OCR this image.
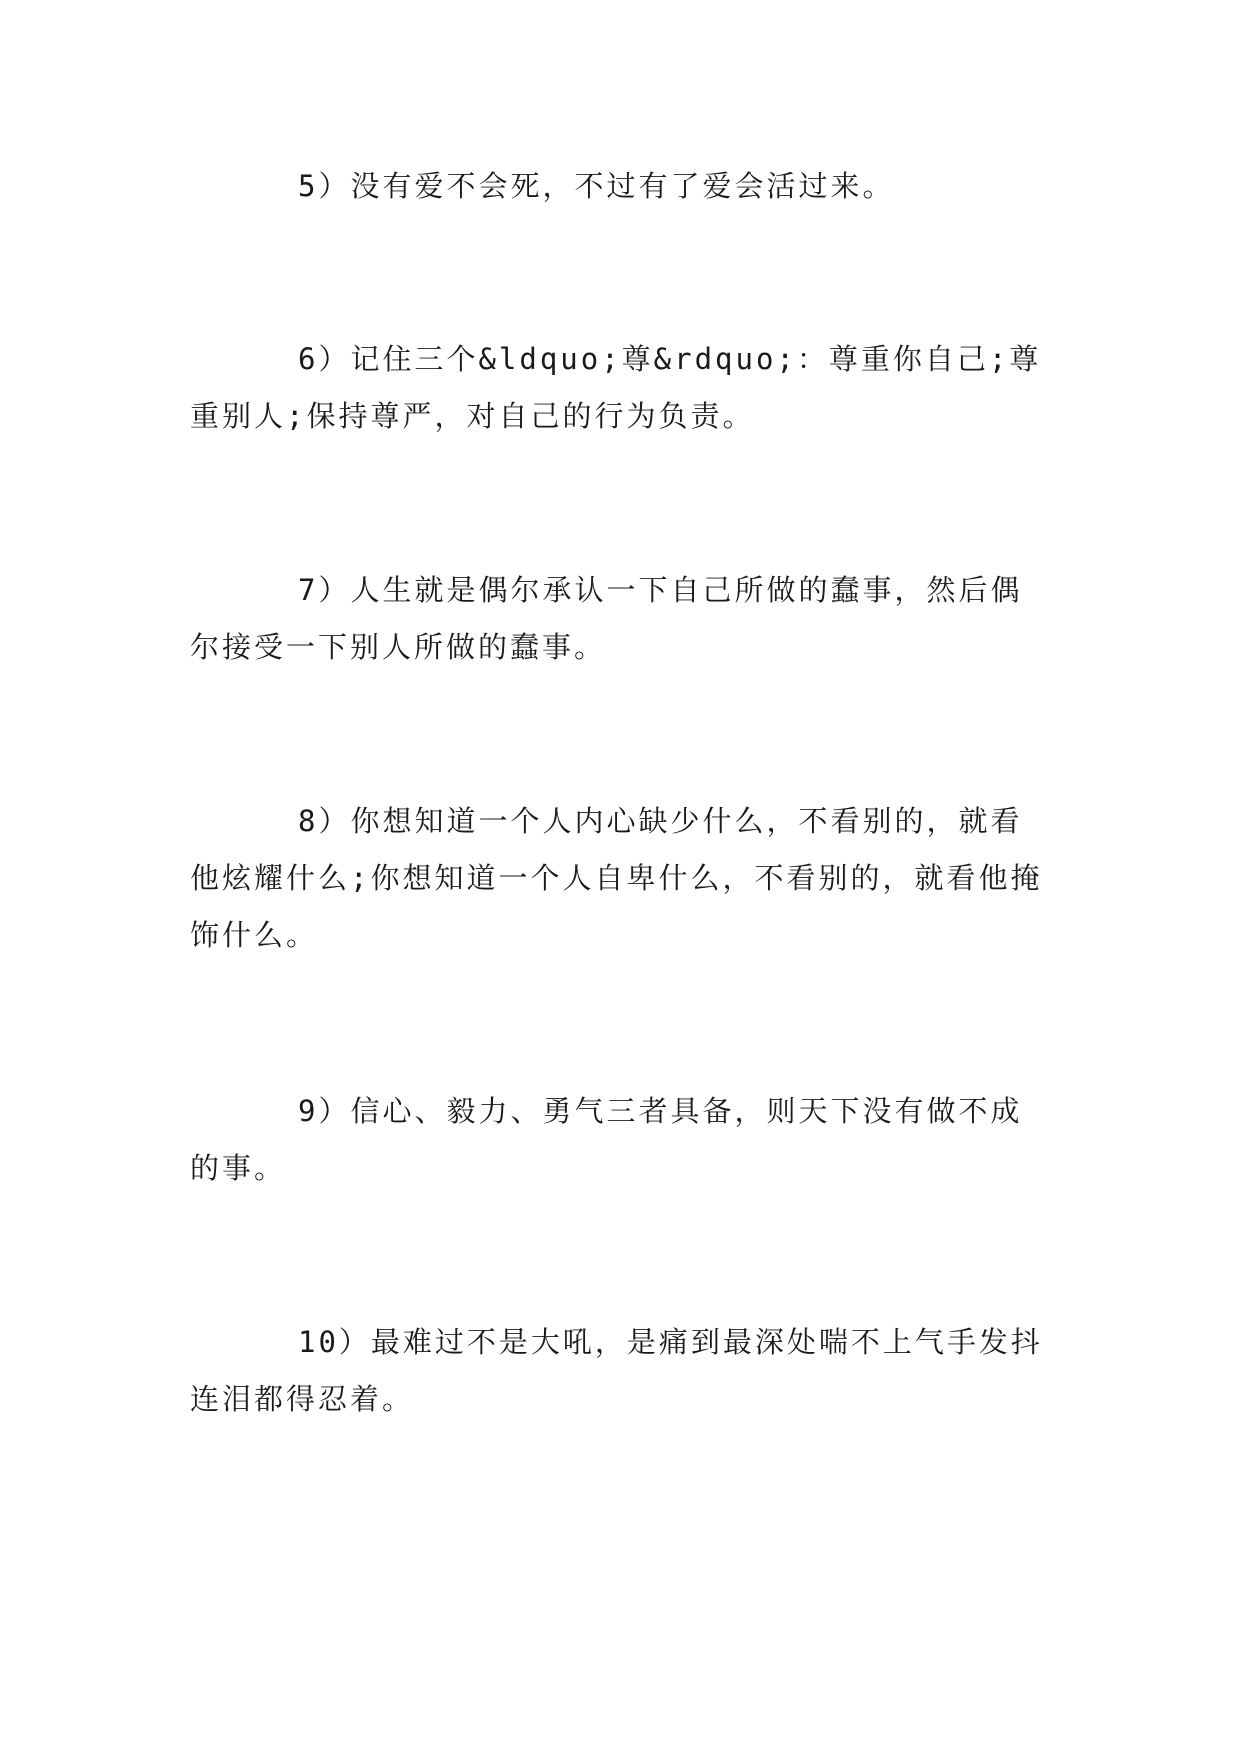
5）没有爱不会死，不过有了爱会活过来。

6）记住三个&ldquo;尊&rdquo;：尊重你自己;尊重别人;保持尊严，对自己的行为负责。

7）人生就是偶尔承认一下自己所做的蠢事，然后偶尔接受一下别人所做的蠢事。

8）你想知道一个人内心缺少什么，不看别的，就看他炫耀什么;你想知道一个人自卑什么，不看别的，就看他掩饰什么。

9）信心、毅力、勇气三者具备，则天下没有做不成的事。

10）最难过不是大吼，是痛到最深处喘不上气手发抖连泪都得忍着。
